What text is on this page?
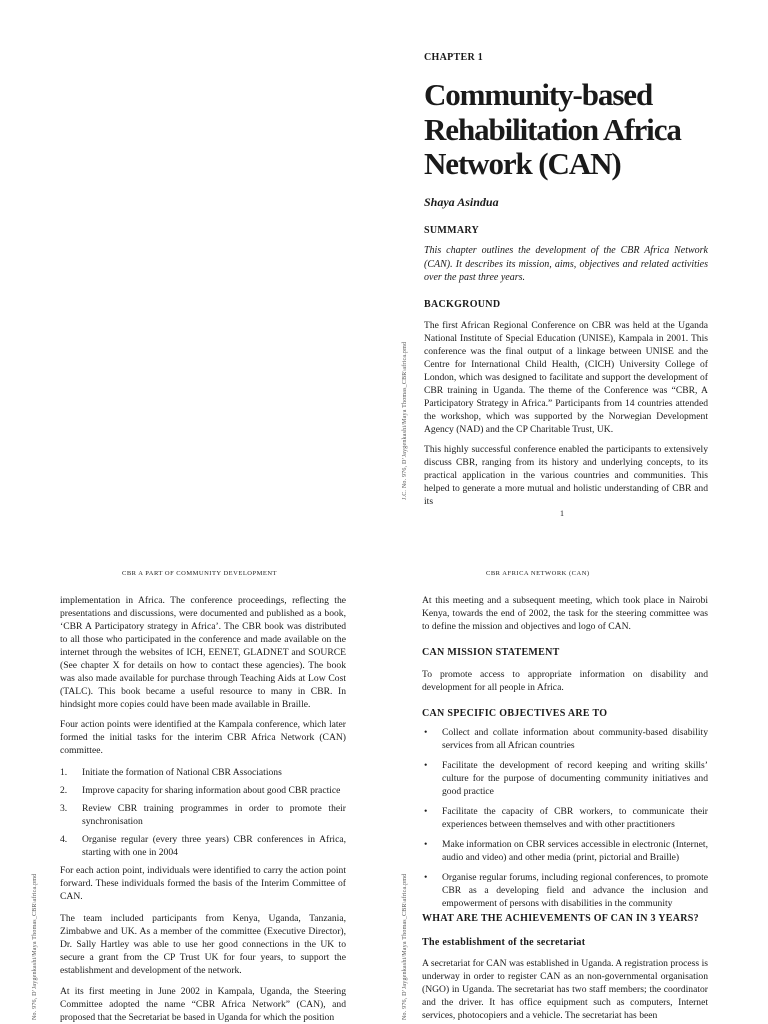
CHAPTER 1
Community-based
Rehabilitation Africa
Network (CAN)
Shaya Asindua
SUMMARY

This chapter outlines the development of the CBR Africa Network (CAN). It describes its mission, aims, objectives and related activities over the past three years.

BACKGROUND

The first African Regional Conference on CBR was held at the Uganda National Institute of Special Education (UNISE), Kampala in 2001. This conference was the final output of a linkage between UNISE and the Centre for International Child Health, (CICH) University College of London, which was designed to facilitate and support the development of CBR training in Uganda. The theme of the Conference was “CBR, A Participatory Strategy in Africa.” Participants from 14 countries attended the workshop, which was supported by the Norwegian Development Agency (NAD) and the CP Charitable Trust, UK.

This highly successful conference enabled the participants to extensively discuss CBR, ranging from its history and underlying concepts, to its practical application in the various countries and communities. This helped to generate a more mutual and holistic understanding of CBR and its

1
J.C. No. 976, D’Jaygenkashi/Maya Thomas_CBR\africa.pmd
CBR A PART OF COMMUNITY DEVELOPMENT

implementation in Africa. The conference proceedings, reflecting the presentations and discussions, were documented and published as a book, ‘CBR A Participatory strategy in Africa’. The CBR book was distributed to all those who participated in the conference and made available on the internet through the websites of ICH, EENET, GLADNET and SOURCE (See chapter X for details on how to contact these agencies). The book was also made available for purchase through Teaching Aids at Low Cost (TALC). This book became a useful resource to many in CBR. In hindsight more copies could have been made available in Braille.

Four action points were identified at the Kampala conference, which later formed the initial tasks for the interim CBR Africa Network (CAN) committee.

1. Initiate the formation of National CBR Associations
2. Improve capacity for sharing information about good CBR practice
3. Review CBR training programmes in order to promote their synchronisation
4. Organise regular (every three years) CBR conferences in Africa, starting with one in 2004

For each action point, individuals were identified to carry the action point forward. These individuals formed the basis of the Interim Committee of CAN.

The team included participants from Kenya, Uganda, Tanzania, Zimbabwe and UK. As a member of the committee (Executive Director), Dr. Sally Hartley was able to use her good connections in the UK to secure a grant from the CP Trust UK for four years, to support the establishment and development of the network.

At its first meeting in June 2002 in Kampala, Uganda, the Steering Committee adopted the name “CBR Africa Network” (CAN), and proposed that the Secretariat be based in Uganda for which the position

No. 976, D’Jaygenkashi/Maya Thomas_CBR\africa.pmd
CBR AFRICA NETWORK (CAN)

At this meeting and a subsequent meeting, which took place in Nairobi Kenya, towards the end of 2002, the task for the steering committee was to define the mission and objectives and logo of CAN.

CAN MISSION STATEMENT

To promote access to appropriate information on disability and development for all people in Africa.

CAN SPECIFIC OBJECTIVES ARE TO
• Collect and collate information about community-based disability services from all African countries
• Facilitate the development of record keeping and writing skills’ culture for the purpose of documenting community initiatives and good practice
• Facilitate the capacity of CBR workers, to communicate their experiences between themselves and with other practitioners
• Make information on CBR services accessible in electronic (Internet, audio and video) and other media (print, pictorial and Braille)
• Organise regular forums, including regional conferences, to promote CBR as a developing field and advance the inclusion and empowerment of persons with disabilities in the community
WHAT ARE THE ACHIEVEMENTS OF CAN IN 3 YEARS?
The establishment of the secretariat

A secretariat for CAN was established in Uganda. A registration process is underway in order to register CAN as an non-governmental organisation (NGO) in Uganda. The secretariat has two staff members; the coordinator and the driver. It has office equipment such as computers, Internet services, photocopiers and a vehicle. The secretariat has been

No. 976, D’Jaygenkashi/Maya Thomas_CBR\africa.pmd
